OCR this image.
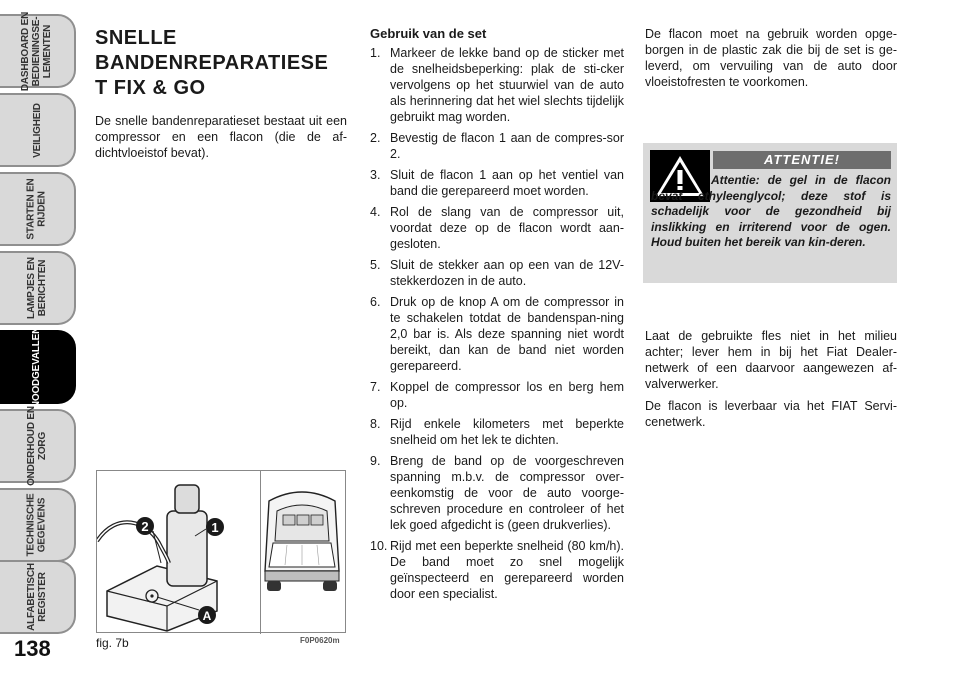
DASHBOARD EN
BEDIENINGSE-
LEMENTEN
VEILIGHEID
STARTEN EN
RIJDEN
LAMPJES EN
BERICHTEN
NOODGEVALLEN
ONDERHOUD EN
ZORG
TECHNISCHE
GEGEVENS
ALFABETISCH
REGISTER
138
SNELLE
BANDENREPARATIESE
T FIX & GO
De snelle bandenreparatieset bestaat uit een compressor en een flacon (die de af-dichtvloeistof bevat).
2	1
A
fig. 7b	F0P0620m
Gebruik van de set
1. Markeer de lekke band op de sticker met de snelheidsbeperking: plak de sti-cker vervolgens op het stuurwiel van de auto als herinnering dat het wiel slechts tijdelijk gebruikt mag worden.
2. Bevestig de flacon 1 aan de compres-sor 2.
3. Sluit de flacon 1 aan op het ventiel van band die gerepareerd moet worden.
4. Rol de slang van de compressor uit, voordat deze op de flacon wordt aan-gesloten.
5. Sluit de stekker aan op een van de 12V-stekkerdozen in de auto.
6. Druk op de knop A om de compressor in te schakelen totdat de bandenspan-ning 2,0 bar is. Als deze spanning niet wordt bereikt, dan kan de band niet worden gerepareerd.
7. Koppel de compressor los en berg hem op.
8. Rijd enkele kilometers met beperkte snelheid om het lek te dichten.
9. Breng de band op de voorgeschreven spanning m.b.v. de compressor over-eenkomstig de voor de auto voorge-schreven procedure en controleer of het lek goed afgedicht is (geen drukverlies).
10. Rijd met een beperkte snelheid (80 km/h). De band moet zo snel mogelijk geïnspecteerd en gerepareerd worden door een specialist.
De flacon moet na gebruik worden opge-borgen in de plastic zak die bij de set is ge-leverd, om vervuiling van de auto door vloeistofresten te voorkomen.
ATTENTIE!
Attentie: de gel in de flacon bevat ethyleenglycol; deze stof is schadelijk voor de gezondheid bij inslikking en irriterend voor de ogen. Houd buiten het bereik van kin-deren.
Laat de gebruikte fles niet in het milieu achter; lever hem in bij het Fiat Dealer-netwerk of een daarvoor aangewezen af-valverwerker.
De flacon is leverbaar via het FIAT Servi-cenetwerk.
